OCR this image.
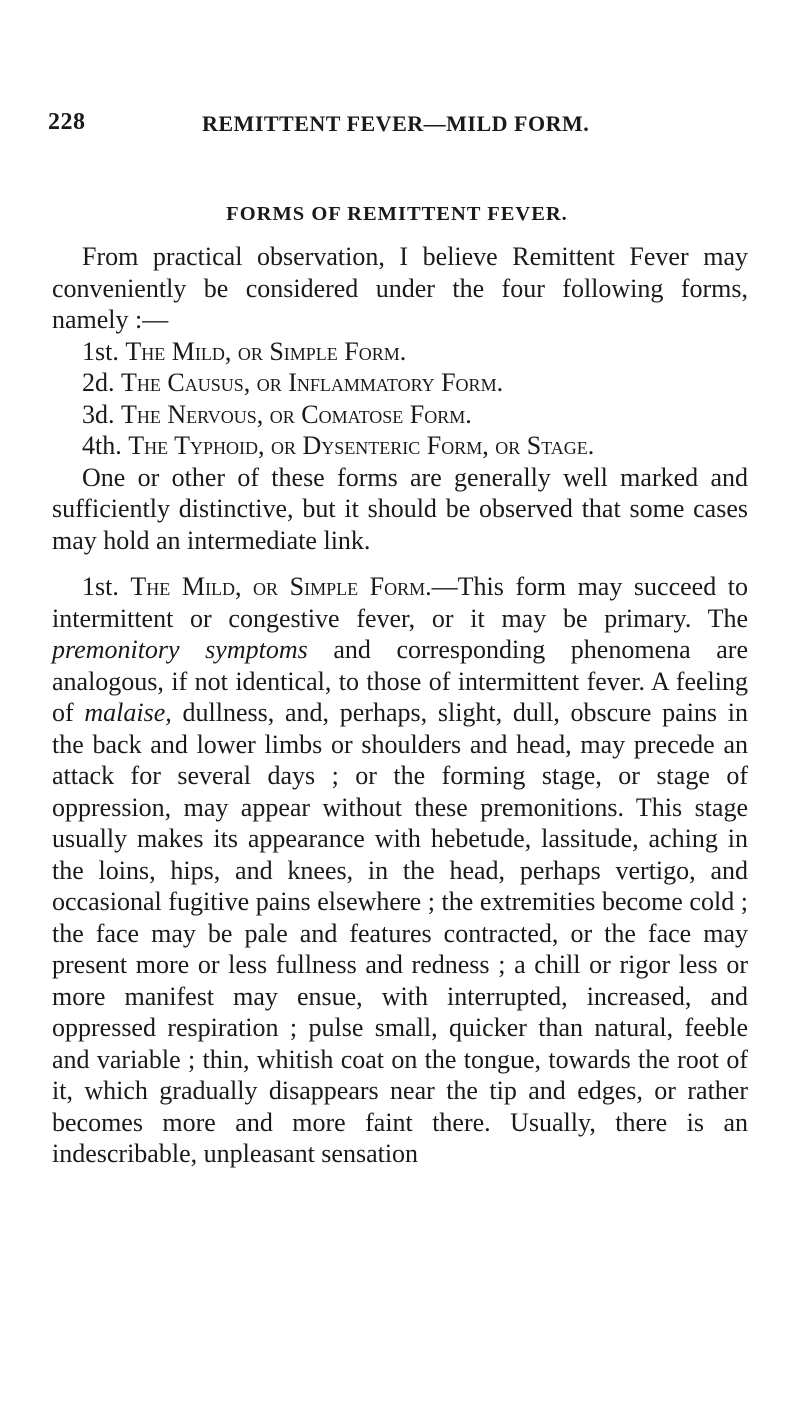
228	REMITTENT FEVER—MILD FORM.
FORMS OF REMITTENT FEVER.

From practical observation, I believe Remittent Fever may conveniently be considered under the four following forms, namely :—

1st. The Mild, or Simple Form.
2d. The Causus, or Inflammatory Form.
3d. The Nervous, or Comatose Form.
4th. The Typhoid, or Dysenteric Form, or Stage.

One or other of these forms are generally well marked and sufficiently distinctive, but it should be observed that some cases may hold an intermediate link.

1st. The Mild, or Simple Form.—This form may succeed to intermittent or congestive fever, or it may be primary. The premonitory symptoms and corresponding phenomena are analogous, if not identical, to those of intermittent fever. A feeling of malaise, dullness, and, perhaps, slight, dull, obscure pains in the back and lower limbs or shoulders and head, may precede an attack for several days ; or the forming stage, or stage of oppression, may appear without these premonitions. This stage usually makes its appearance with hebetude, lassitude, aching in the loins, hips, and knees, in the head, perhaps vertigo, and occasional fugitive pains elsewhere ; the extremities become cold ; the face may be pale and features contracted, or the face may present more or less fullness and redness ; a chill or rigor less or more manifest may ensue, with interrupted, increased, and oppressed respiration ; pulse small, quicker than natural, feeble and variable ; thin, whitish coat on the tongue, towards the root of it, which gradually disappears near the tip and edges, or rather becomes more and more faint there. Usually, there is an indescribable, unpleasant sensation
